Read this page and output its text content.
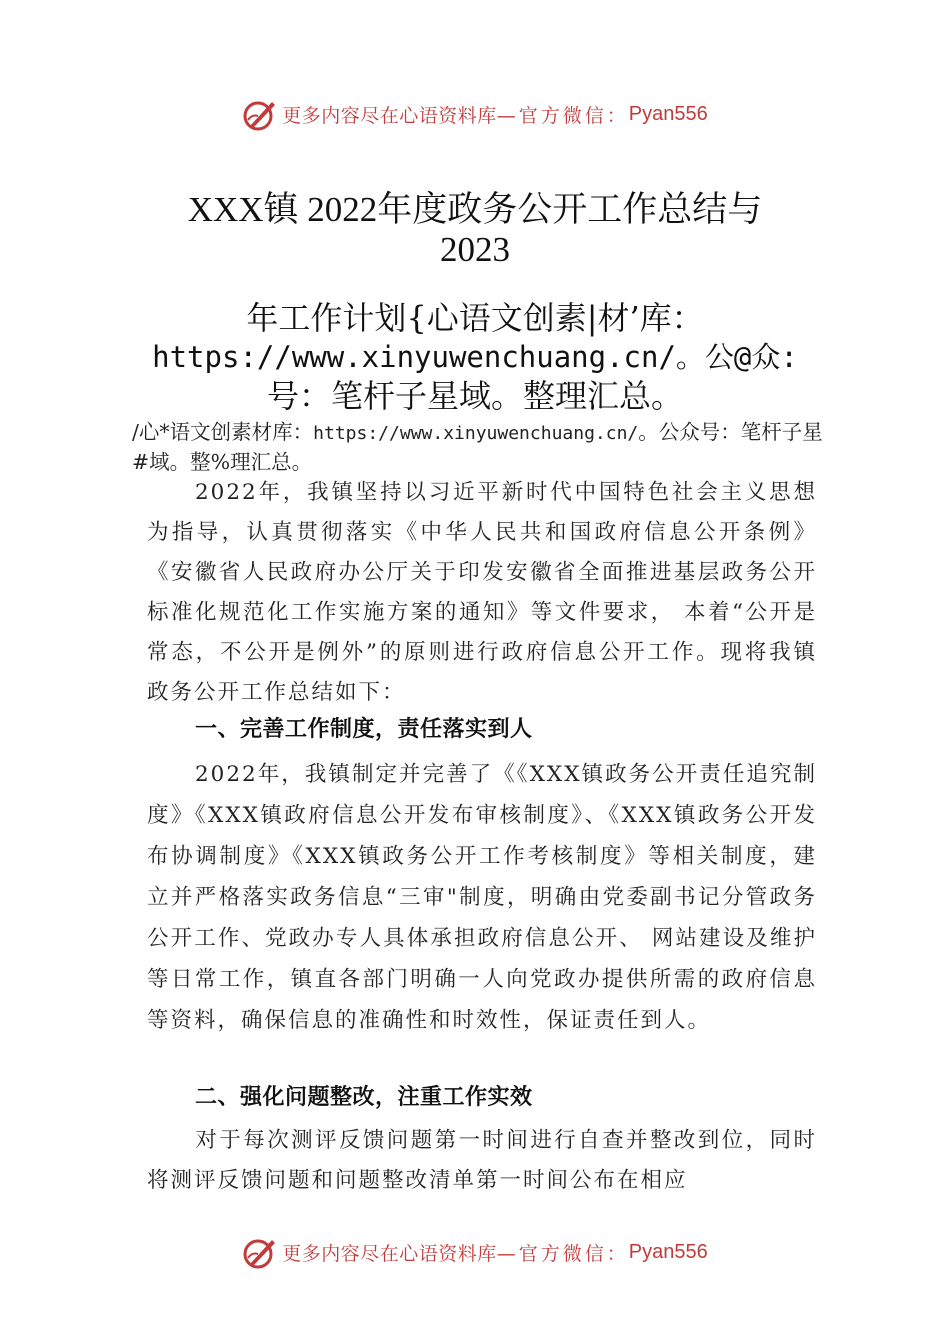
更多内容尽在心语资料库 —官方微信： Pyan556
XXX镇 2022年度政务公开工作总结与
2023
年工作计划{心语文创素|材’库：
https://www.xinyuwenchuang.cn/。公@众:
号：笔杆子星域。整理汇总。
/心*语文创素材库：https://www.xinyuwenchuang.cn/。公众号：笔杆子星#域。整%理汇总。
2022年，我镇坚持以习近平新时代中国特色社会主义思想为指导，认真贯彻落实《中华人民共和国政府信息公开条例》《安徽省人民政府办公厅关于印发安徽省全面推进基层政务公开标准化规范化工作实施方案的通知》等文件要求， 本着“公开是常态，不公开是例外”的原则进行政府信息公开工作。现将我镇政务公开工作总结如下：
一、完善工作制度，责任落实到人
2022年，我镇制定并完善了《《XXX镇政务公开责任追究制度》《XXX镇政府信息公开发布审核制度》、《XXX镇政务公开发布协调制度》《XXX镇政务公开工作考核制度》等相关制度，建立并严格落实政务信息“三审"制度，明确由党委副书记分管政务公开工作、党政办专人具体承担政府信息公开、 网站建设及维护等日常工作，镇直各部门明确一人向党政办提供所需的政府信息等资料，确保信息的准确性和时效性，保证责任到人。
二、强化问题整改，注重工作实效
对于每次测评反馈问题第一时间进行自查并整改到位，同时将测评反馈问题和问题整改清单第一时间公布在相应
更多内容尽在心语资料库 —官方微信： Pyan556
